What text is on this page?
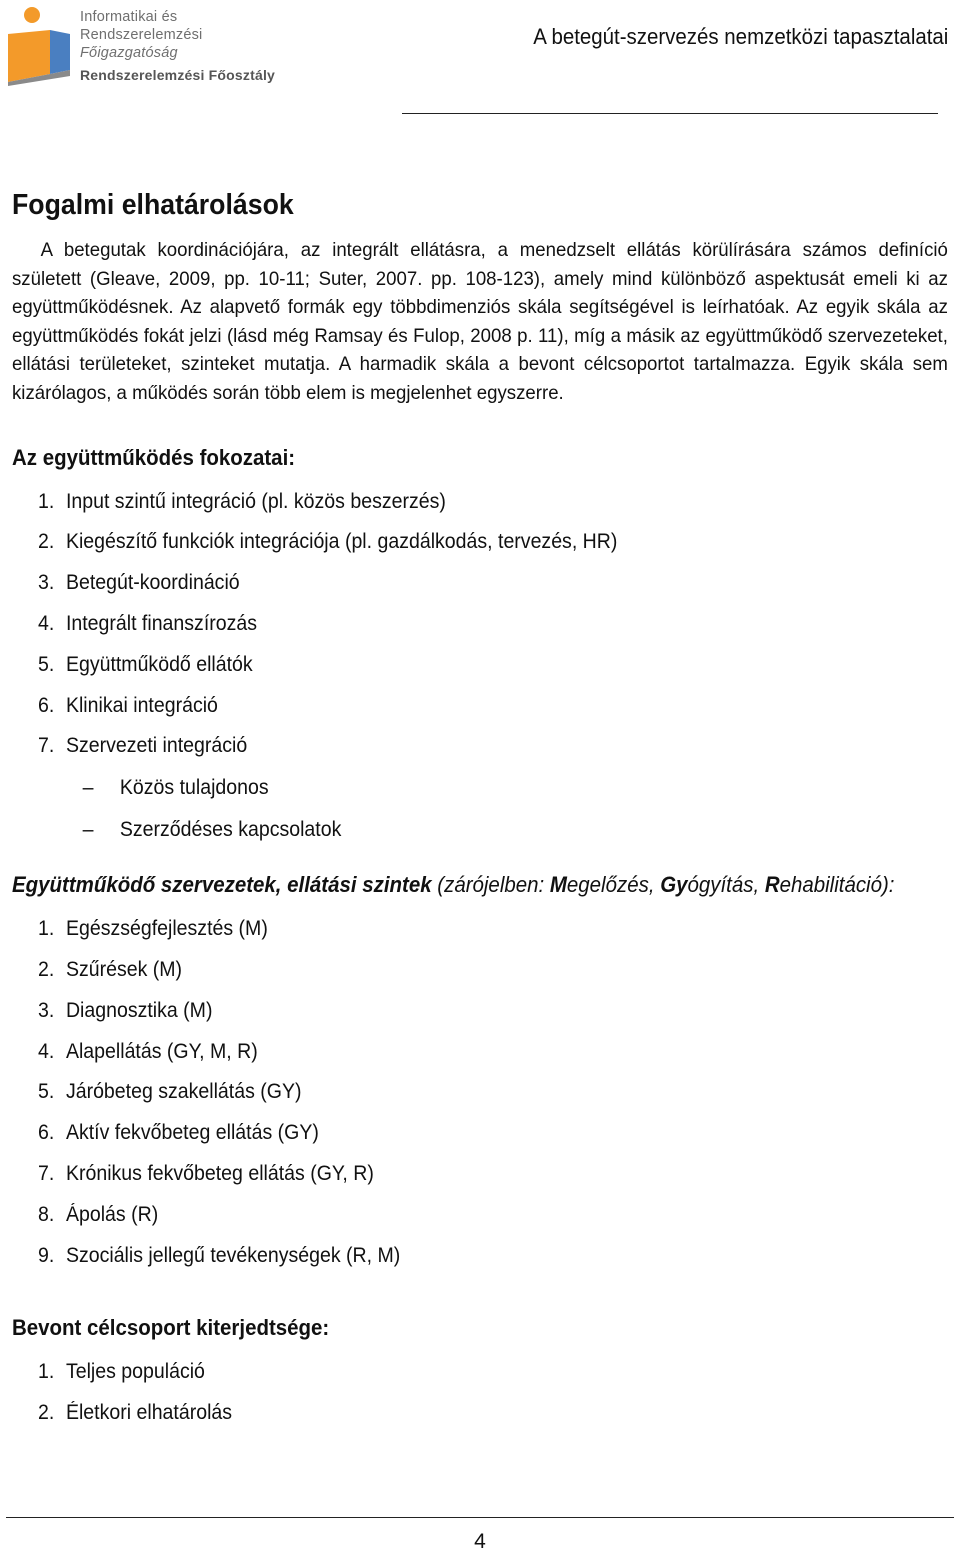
Informatikai és
Rendszerelemzési
Főigazgatóság
Rendszerelemzési Főosztály
A betegút-szervezés nemzetközi tapasztalatai
Fogalmi elhatárolások

A betegutak koordinációjára, az integrált ellátásra, a menedzselt ellátás körülírására számos definíció született (Gleave, 2009, pp. 10-11; Suter, 2007. pp. 108-123), amely mind különböző aspektusát emeli ki az együttműködésnek. Az alapvető formák egy többdimenziós skála segítségével is leírhatóak. Az egyik skála az együttműködés fokát jelzi (lásd még Ramsay és Fulop, 2008 p. 11), míg a másik az együttműködő szervezeteket, ellátási területeket, szinteket mutatja. A harmadik skála a bevont célcsoportot tartalmazza. Egyik skála sem kizárólagos, a működés során több elem is megjelenhet egyszerre.

Az együttműködés fokozatai:
1. Input szintű integráció (pl. közös beszerzés)
2. Kiegészítő funkciók integrációja (pl. gazdálkodás, tervezés, HR)
3. Betegút-koordináció
4. Integrált finanszírozás
5. Együttműködő ellátók
6. Klinikai integráció
7. Szervezeti integráció
– Közös tulajdonos
– Szerződéses kapcsolatok
Együttműködő szervezetek, ellátási szintek (zárójelben: Megelőzés, Gyógyítás, Rehabilitáció):
1. Egészségfejlesztés (M)
2. Szűrések (M)
3. Diagnosztika (M)
4. Alapellátás (GY, M, R)
5. Járóbeteg szakellátás (GY)
6. Aktív fekvőbeteg ellátás (GY)
7. Krónikus fekvőbeteg ellátás (GY, R)
8. Ápolás (R)
9. Szociális jellegű tevékenységek (R, M)
Bevont célcsoport kiterjedtsége:
1. Teljes populáció
2. Életkori elhatárolás
4
